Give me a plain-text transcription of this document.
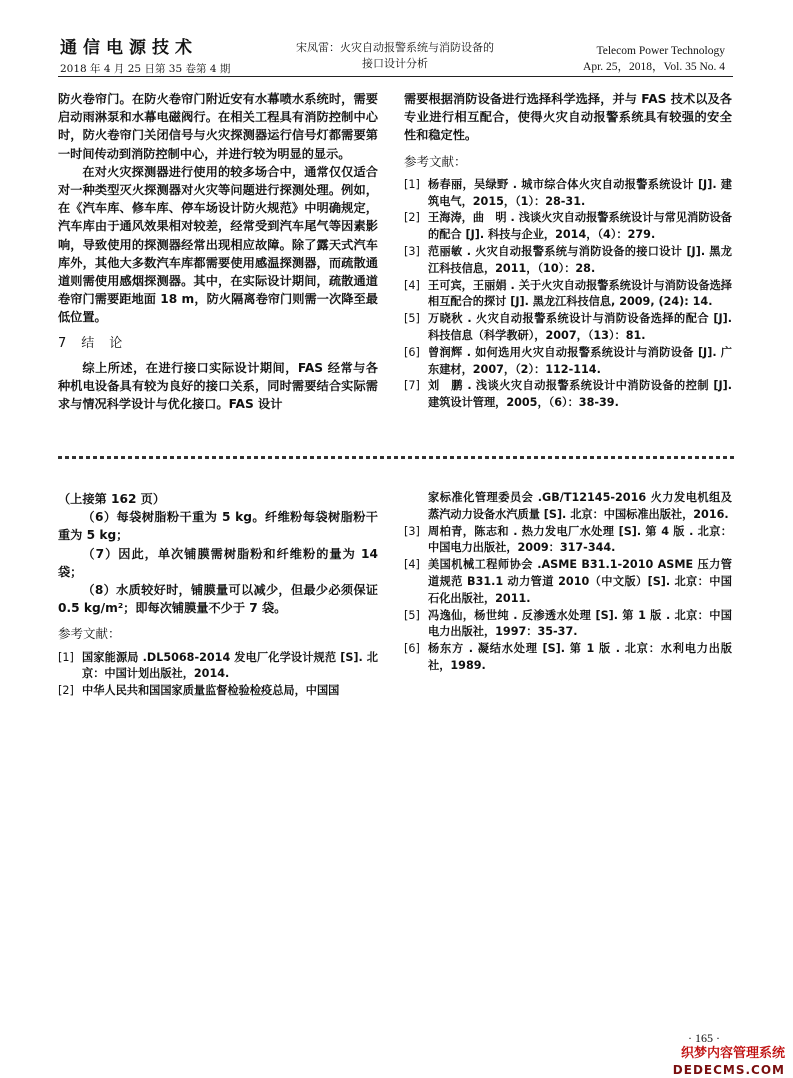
通信电源技术
2018 年 4 月 25 日第 35 卷第 4 期
宋凤雷：火灾自动报警系统与消防设备的
接口设计分析
Telecom Power Technology
Apr. 25，2018，Vol. 35 No. 4

防火卷帘门。在防火卷帘门附近安有水幕喷水系统时，需要启动雨淋泵和水幕电磁阀行。在相关工程具有消防控制中心时，防火卷帘门关闭信号与火灾探测器运行信号灯都需要第一时间传动到消防控制中心，并进行较为明显的显示。

在对火灾探测器进行使用的较多场合中，通常仅仅适合对一种类型灭火探测器对火灾等问题进行探测处理。例如，在《汽车库、修车库、停车场设计防火规范》中明确规定，汽车库由于通风效果相对较差，经常受到汽车尾气等因素影响，导致使用的探测器经常出现相应故障。除了露天式汽车库外，其他大多数汽车库都需要使用感温探测器，而疏散通道则需使用感烟探测器。其中，在实际设计期间，疏散通道卷帘门需要距地面 18 m，防火隔离卷帘门则需一次降至最低位置。

7　结　论

综上所述，在进行接口实际设计期间，FAS 经常与各种机电设备具有较为良好的接口关系，同时需要结合实际需求与情况科学设计与优化接口。FAS 设计

需要根据消防设备进行选择科学选择，并与 FAS 技术以及各专业进行相互配合，使得火灾自动报警系统具有较强的安全性和稳定性。

参考文献：
[1] 杨春丽，吴绿野 . 城市综合体火灾自动报警系统设计 [J]. 建筑电气，2015，（1）：28-31.
[2] 王海涛，曲　明 . 浅谈火灾自动报警系统设计与常见消防设备的配合 [J]. 科技与企业，2014，（4）：279.
[3] 范丽敏 . 火灾自动报警系统与消防设备的接口设计 [J]. 黑龙江科技信息，2011，（10）：28.
[4] 王可宾，王丽娟 . 关于火灾自动报警系统设计与消防设备选择相互配合的探讨 [J]. 黑龙江科技信息, 2009, (24): 14.
[5] 万晓秋 . 火灾自动报警系统设计与消防设备选择的配合 [J]. 科技信息（科学教研），2007，（13）：81.
[6] 曾润辉 . 如何选用火灾自动报警系统设计与消防设备 [J]. 广东建材，2007，（2）：112-114.
[7] 刘　鹏 . 浅谈火灾自动报警系统设计中消防设备的控制 [J]. 建筑设计管理，2005，（6）：38-39.

（上接第 162 页）

（6）每袋树脂粉干重为 5 kg。纤维粉每袋树脂粉干重为 5 kg；

（7）因此，单次铺膜需树脂粉和纤维粉的量为 14 袋；

（8）水质较好时，铺膜量可以减少，但最少必须保证 0.5 kg/m²；即每次铺膜量不少于 7 袋。

参考文献：
[1] 国家能源局 .DL5068-2014 发电厂化学设计规范 [S]. 北京：中国计划出版社，2014.
[2] 中华人民共和国国家质量监督检验检疫总局，中国国
家标准化管理委员会 .GB/T12145-2016 火力发电机组及蒸汽动力设备水汽质量 [S]. 北京：中国标准出版社，2016.
[3] 周柏青，陈志和 . 热力发电厂水处理 [S]. 第 4 版 . 北京：中国电力出版社，2009：317-344.
[4] 美国机械工程师协会 .ASME B31.1-2010 ASME 压力管道规范 B31.1 动力管道 2010（中文版）[S]. 北京：中国石化出版社，2011.
[5] 冯逸仙，杨世纯 . 反渗透水处理 [S]. 第 1 版 . 北京：中国电力出版社，1997：35-37.
[6] 杨东方 . 凝结水处理 [S]. 第 1 版 . 北京：水利电力出版社，1989.
· 165 ·
织梦内容管理系统
DEDECMS.COM
